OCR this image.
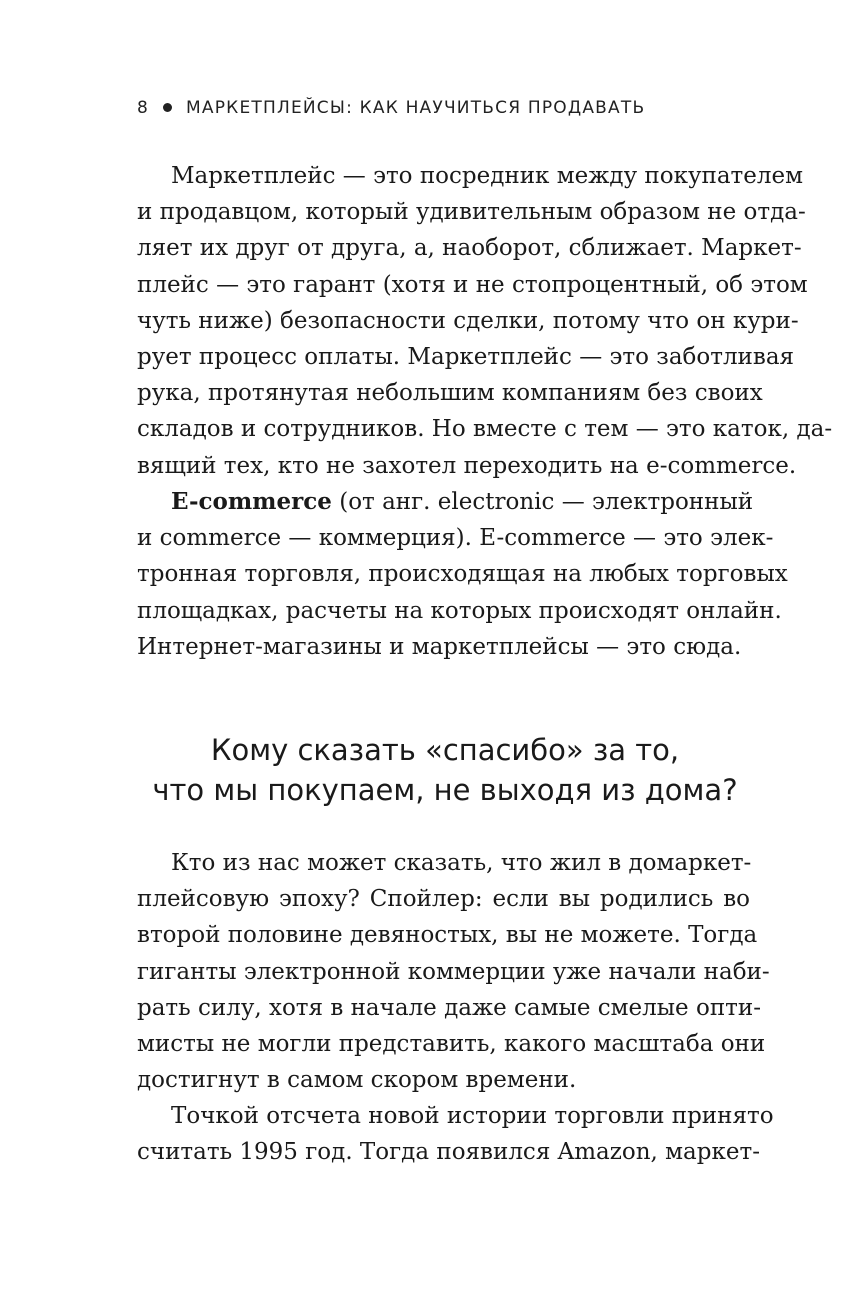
8 МАРКЕТПЛЕЙСЫ: КАК НАУЧИТЬСЯ ПРОДАВАТЬ
Маркетплейс — это посредник между покупателем
и продавцом, который удивительным образом не отда-
ляет их друг от друга, а, наоборот, сближает. Маркет-
плейс — это гарант (хотя и не стопроцентный, об этом
чуть ниже) безопасности сделки, потому что он кури-
рует процесс оплаты. Маркетплейс — это заботливая
рука, протянутая небольшим компаниям без своих
складов и сотрудников. Но вместе с тем — это каток, да-
вящий тех, кто не захотел переходить на e-commerce.
E-commerce (от анг. electronic — электронный
и commerce — коммерция). E-commerce — это элек-
тронная торговля, происходящая на любых торговых
площадках, расчеты на которых происходят онлайн.
Интернет-магазины и маркетплейсы — это сюда.
Кому сказать «спасибо» за то,
что мы покупаем, не выходя из дома?
Кто из нас может сказать, что жил в домаркет-
плейсовую эпоху? Спойлер: если вы родились во
второй половине девяностых, вы не можете. Тогда
гиганты электронной коммерции уже начали наби-
рать силу, хотя в начале даже самые смелые опти-
мисты не могли представить, какого масштаба они
достигнут в самом скором времени.
Точкой отсчета новой истории торговли принято
считать 1995 год. Тогда появился Amazon, маркет-
